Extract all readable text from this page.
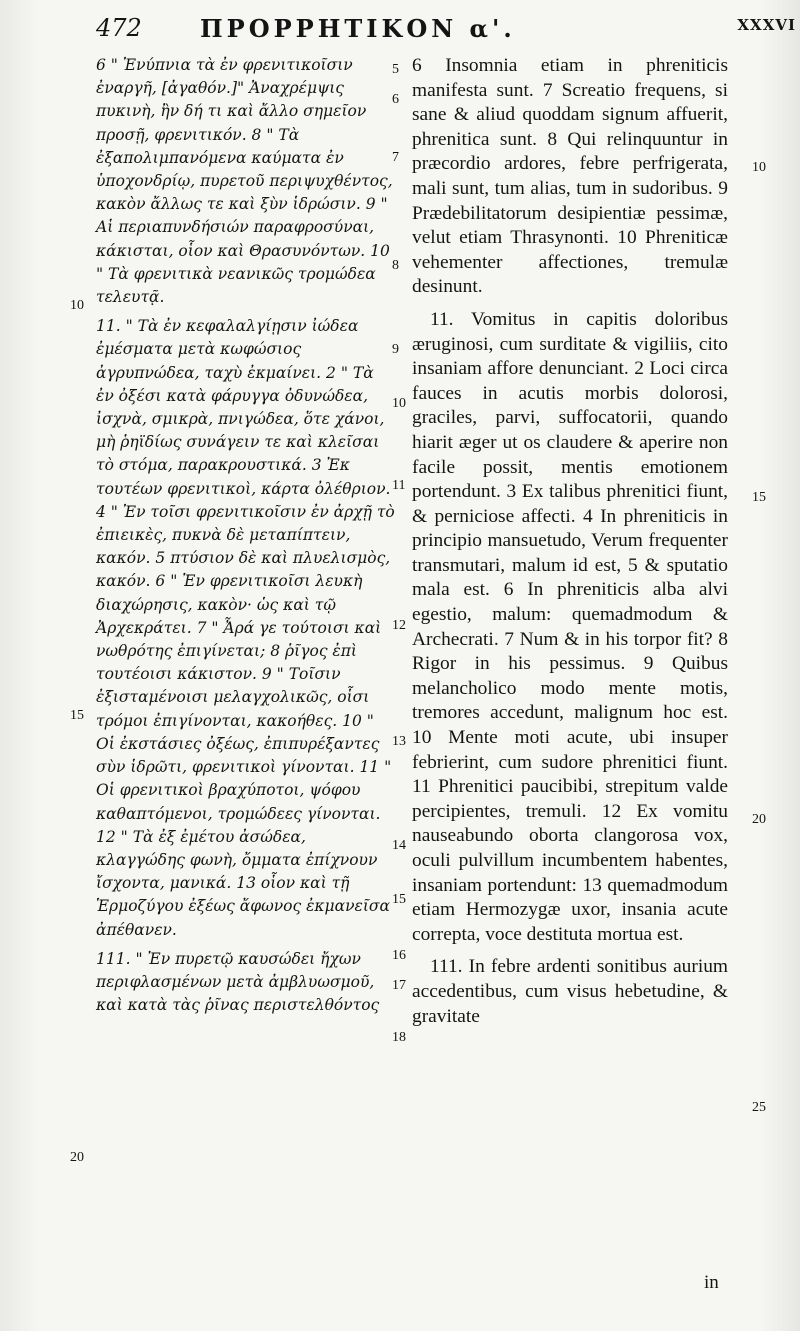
472 ΠΡΟΡΡΗΤΙΚΟΝ α'.	XXXVI

6 " Ἐνύπνια τὰ ἐν φρενιτικοῖσιν ἐναργῆ, [ἀγαθόν.]" Ἀναχρέμψις πυκινὴ, ἢν δή τι καὶ ἄλλο σημεῖον προσῇ, φρενιτικόν. 8 " Τὰ ἐξαπολιμπανόμενα καύματα ἐν ὑποχονδρίῳ, πυρετοῦ περιψυχθέντος, κακὸν ἄλλως τε καὶ ξὺν ἱδρώσιν. 9 " Αἱ περιαπυνδήσιών παραφροσύναι, κάκισται, οἷον καὶ Θρασυνόντων. 10 " Τὰ φρενιτικὰ νεανικῶς τρομώδεα τελευτᾷ.

11. " Τὰ ἐν κεφαλαλγίῃσιν ἰώδεα ἐμέσματα μετὰ κωφώσιος ἀγρυπνώδεα, ταχὺ ἐκμαίνει. 2 " Τὰ ἐν ὀξέσι κατὰ φάρυγγα ὀδυνώδεα, ἰσχνὰ, σμικρὰ, πνιγώδεα, ὅτε χάνοι, μὴ ῥηϊδίως συνάγειν τε καὶ κλεῖσαι τὸ στόμα, παρακρουστικά. 3 Ἐκ τουτέων φρενιτικοὶ, κάρτα ὀλέθριον. 4 " Ἐν τοῖσι φρενιτικοῖσιν ἐν ἀρχῇ τὸ ἐπιεικὲς, πυκνὰ δὲ μεταπίπτειν, κακόν. 5 πτύσιον δὲ καὶ πλυελισμὸς, κακόν. 6 " Ἐν φρενιτικοῖσι λευκὴ διαχώρησις, κακὸν· ὡς καὶ τῷ Ἀρχεκράτει. 7 " Ἆρά γε τούτοισι καὶ νωθρότης ἐπιγίνεται; 8 ῥῖγος ἐπὶ τουτέοισι κάκιστον. 9 " Τοῖσιν ἐξισταμένοισι μελαγχολικῶς, οἷσι τρόμοι ἐπιγίνονται, κακοήθες. 10 " Οἱ ἐκστάσιες ὀξέως, ἐπιπυρέξαντες σὺν ἱδρῶτι, φρενιτικοὶ γίνονται. 11 " Οἱ φρενιτικοὶ βραχύποτοι, ψόφου καθαπτόμενοι, τρομώδεες γίνονται. 12 " Τὰ ἐξ ἐμέτου ἀσώδεα, κλαγγώδης φωνὴ, ὄμματα ἐπίχνουν ἴσχοντα, μανικά. 13 οἷον καὶ τῇ Ἑρμοζύγου ἐξέως ἄφωνος ἐκμανεῖσα ἀπέθανεν.

111. " Ἐν πυρετῷ καυσώδει ἤχων περιφλασμένων μετὰ ἀμβλυωσμοῦ, καὶ κατὰ τὰς ῥῖνας περιστελθόντος

6 Insomnia etiam in phreniticis manifesta sunt. 7 Screatio frequens, si sane & aliud quoddam signum affuerit, phrenitica sunt. 8 Qui relinquuntur in præcordio ardores, febre perfrigerata, mali sunt, tum alias, tum in sudoribus. 9 Prædebilitatorum desipientiæ pessimæ, velut etiam Thrasynonti. 10 Phreniticæ vehementer affectiones, tremulæ desinunt.

11. Vomitus in capitis doloribus æruginosi, cum surditate & vigiliis, cito insaniam affore denunciant. 2 Loci circa fauces in acutis morbis dolorosi, graciles, parvi, suffocatorii, quando hiarit æger ut os claudere & aperire non facile possit, mentis emotionem portendunt. 3 Ex talibus phrenitici fiunt, & perniciose affecti. 4 In phreniticis in principio mansuetudo, Verum frequenter transmutari, malum id est, 5 & sputatio mala est. 6 In phreniticis alba alvi egestio, malum: quemadmodum & Archecrati. 7 Num & in his torpor fit? 8 Rigor in his pessimus. 9 Quibus melancholico modo mente motis, tremores accedunt, malignum hoc est. 10 Mente moti acute, ubi insuper febrierint, cum sudore phrenitici fiunt. 11 Phrenitici paucibibi, strepitum valde percipientes, tremuli. 12 Ex vomitu nauseabundo oborta clangorosa vox, oculi pulvillum incumbentem habentes, insaniam portendunt: 13 quemadmodum etiam Hermozygæ uxor, insania acute correpta, voce destituta mortua est.

111. In febre ardenti sonitibus aurium accedentibus, cum visus hebetudine, & gravitate

10
15
20
5
6
7
8
9
10
11
12
13
14
15
16
17
18
10
15
20
25
in
